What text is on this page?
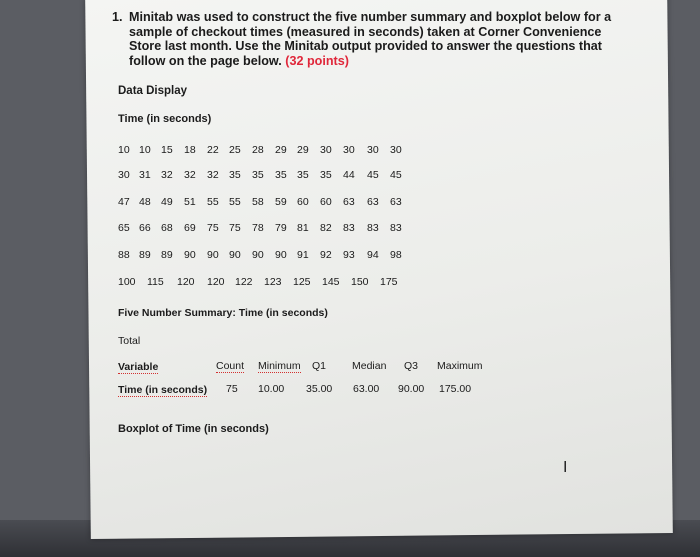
1. Minitab was used to construct the five number summary and boxplot below for a sample of checkout times (measured in seconds) taken at Corner Convenience Store last month. Use the Minitab output provided to answer the questions that follow on the page below. (32 points)
Data Display
Time (in seconds)
10 10 15 18 22 25 28 29 29 30 30 30 30
30 31 32 32 32 35 35 35 35 35 44 45 45
47 48 49 51 55 55 58 59 60 60 63 63 63
65 66 68 69 75 75 78 79 81 82 83 83 83
88 89 89 90 90 90 90 90 91 92 93 94 98
100 115 120 120 122 123 125 145 150 175
Five Number Summary: Time (in seconds)
Total
Variable	Count Minimum Q1 Median Q3 Maximum
Time (in seconds) 75 10.00 35.00 63.00 90.00 175.00
Boxplot of Time (in seconds)
I
